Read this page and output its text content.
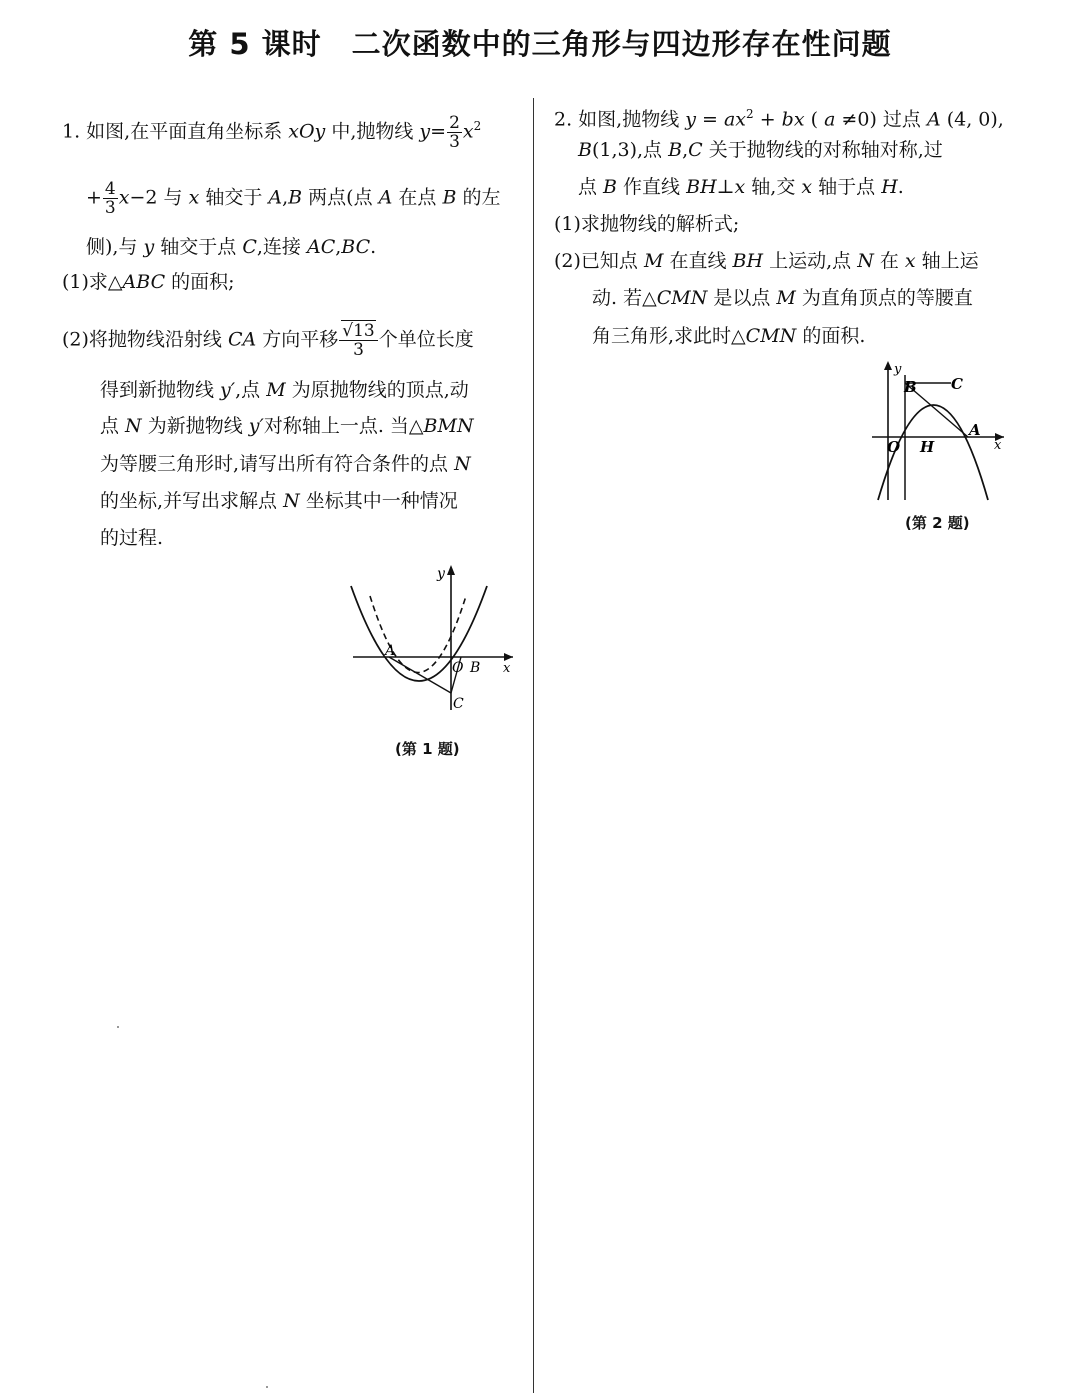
第 5 课时 二次函数中的三角形与四边形存在性问题
1. 如图,在平面直角坐标系 xOy 中,抛物线 $y= \frac{2}{3} x^2$
+ $\frac{4}{3} x-2$ 与 x 轴交于 A,B 两点(点 A 在点 B 的左
侧),与 y 轴交于点 C,连接 AC,BC.
(1)求△ABC 的面积;
(2)将抛物线沿射线 CA 方向平移 $\frac{√13}{3}$ 个单位长度
得到新抛物线 y′,点 M 为原抛物线的顶点,动
点 N 为新抛物线 y′对称轴上一点. 当△BMN
为等腰三角形时,请写出所有符合条件的点 N
的坐标,并写出求解点 N 坐标其中一种情况
的过程.
A
O B
C
y
x
(第 1 题)
2. 如图,抛物线 $y = ax^2$ + bx ( a ≠0) 过点 A (4, 0),
B(1,3),点 B,C 关于抛物线的对称轴对称,过
点 B 作直线 BH⊥x 轴,交 x 轴于点 H.
(1)求抛物线的解析式;
(2)已知点 M 在直线 BH 上运动,点 N 在 x 轴上运
动. 若△CMN 是以点 M 为直角顶点的等腰直
角三角形,求此时△CMN 的面积.
B C
O H
A
y
x
(第 2 题)
